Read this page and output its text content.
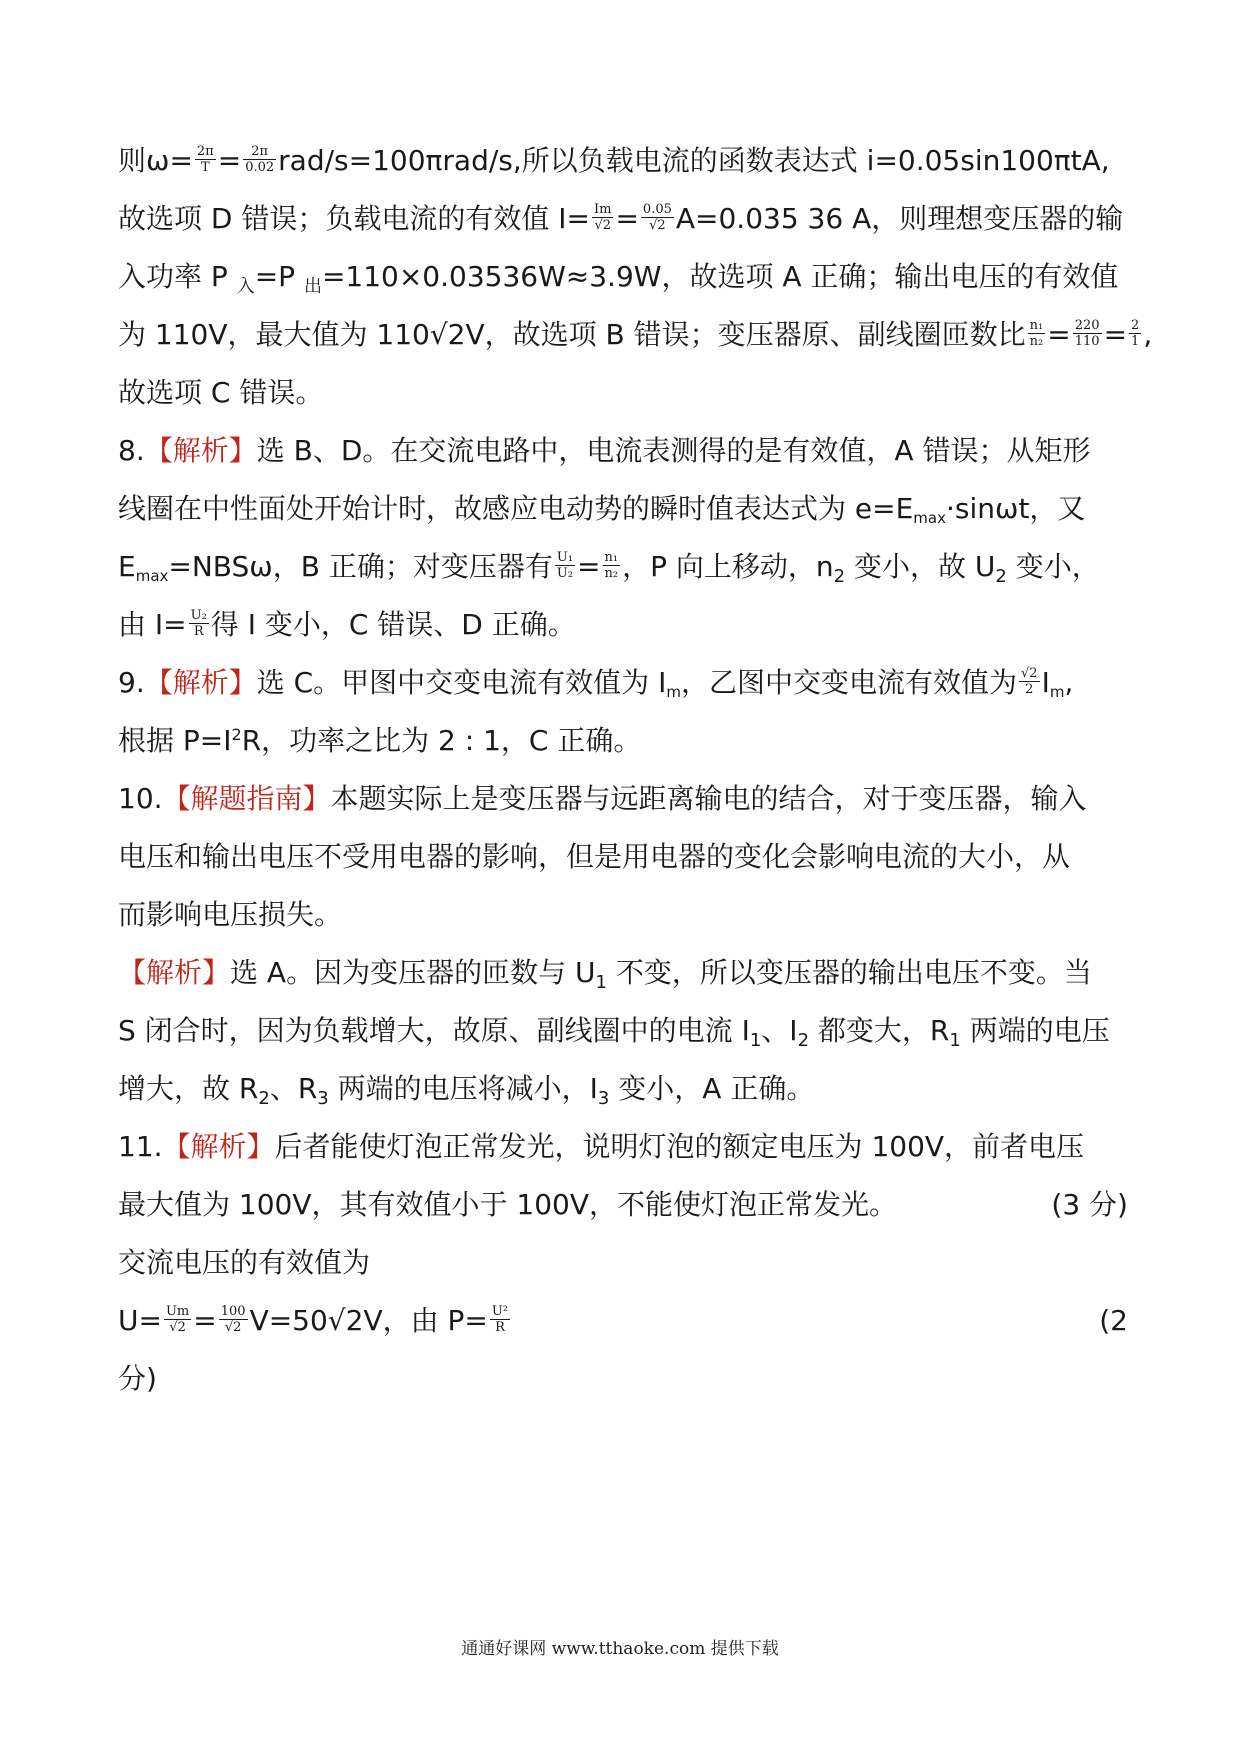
则$\omega= \frac{2\pi}{T} = \frac{2\pi}{0.02} rad/s=100\pi rad/s$,所以负载电流的函数表达式 i=0.05sin100πtA,
故选项 D 错误；负载电流的有效值 $I= \frac{Im}{√2} = \frac{0.05}{√2} A=0.035$ 36 A，则理想变压器的输
入功率 P $_入$=P $_出$=110×0.03536W≈3.9W，故选项 A 正确；输出电压的有效值
为 110V，最大值为 110√2V，故选项 B 错误；变压器原、副线圈匝数比 $\frac{\text{n₁}}{\text{n₂}} = \frac{220}{110} = \frac{2}{1}$ ,
故选项 C 错误。
8.【解析】选 B、D。在交流电路中，电流表测得的是有效值，A 错误；从矩形
线圈在中性面处开始计时，故感应电动势的瞬时值表达式为 e=Emax·sinωt，又
Emax=NBSω，B 正确；对变压器有 $\frac{\text{U₁}}{\text{U₂}} = \frac{\text{n₁}}{\text{n₂}}$ ，P 向上移动，$n_2$ 变小，故 $U_2$ 变小，
由 $I= \frac{\text{U₂}}{R}$ 得 I 变小，C 错误、D 正确。
9.【解析】选 C。甲图中交变电流有效值为 Im，乙图中交变电流有效值为 $\frac{√2}{2} Im$,
根据 $P=I^2R$，功率之比为 2 : 1，C 正确。
10.【解题指南】本题实际上是变压器与远距离输电的结合，对于变压器，输入
电压和输出电压不受用电器的影响，但是用电器的变化会影响电流的大小，从
而影响电压损失。
【解析】选 A。因为变压器的匝数与 $U_1$ 不变，所以变压器的输出电压不变。当
S 闭合时，因为负载增大，故原、副线圈中的电流 $I_1$、$I_2$ 都变大，$R_1$ 两端的电压
增大，故 $R_2$、$R_3$ 两端的电压将减小，$I_3$ 变小，A 正确。
11.【解析】后者能使灯泡正常发光，说明灯泡的额定电压为 100V，前者电压
最大值为 100V，其有效值小于 100V，不能使灯泡正常发光。	(3 分)
交流电压的有效值为
$U= \frac{Um}{√2} = \frac{100}{√2} V=50√2V$，由 $P= \frac{\text{U²}}{R}$	(2
分)
通通好课网 www.tthaoke.com 提供下载
